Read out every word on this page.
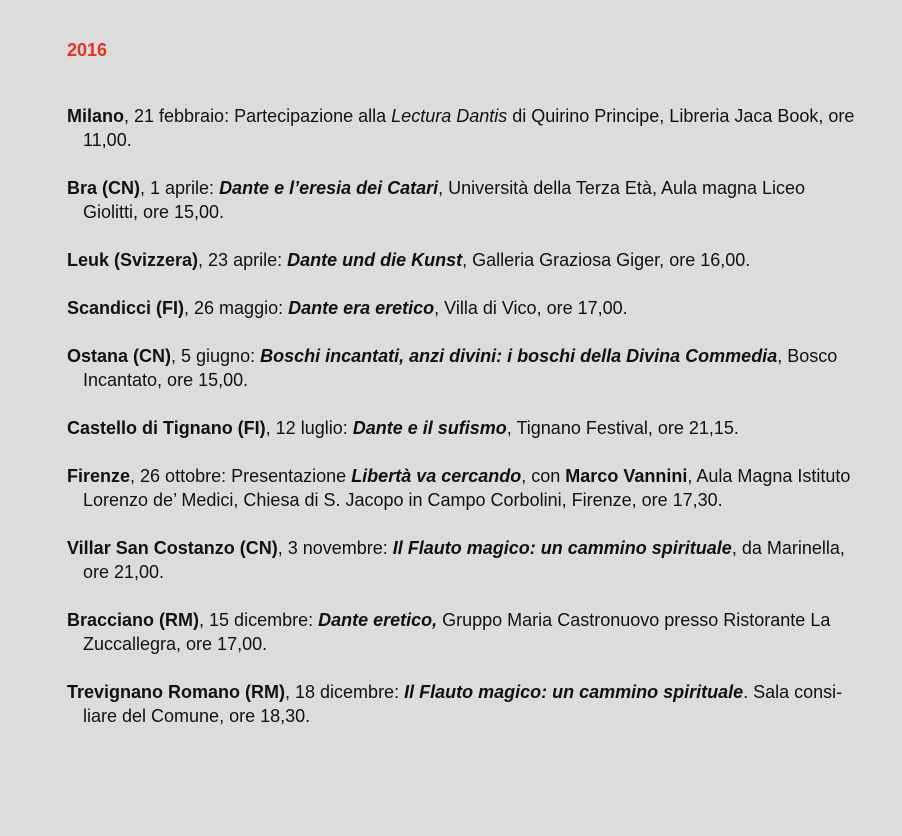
2016
Milano, 21 febbraio: Partecipazione alla Lectura Dantis di Quirino Principe, Libreria Jaca Book, ore 11,00.
Bra (CN), 1 aprile: Dante e l’eresia dei Catari, Università della Terza Età, Aula magna Liceo Giolitti, ore 15,00.
Leuk (Svizzera), 23 aprile: Dante und die Kunst, Galleria Graziosa Giger, ore 16,00.
Scandicci (FI), 26 maggio: Dante era eretico, Villa di Vico, ore 17,00.
Ostana (CN), 5 giugno: Boschi incantati, anzi divini: i boschi della Divina Commedia, Bosco Incantato, ore 15,00.
Castello di Tignano (FI), 12 luglio: Dante e il sufismo, Tignano Festival, ore 21,15.
Firenze, 26 ottobre: Presentazione Libertà va cercando, con Marco Vannini, Aula Magna Istituto Lorenzo de’ Medici, Chiesa di S. Jacopo in Campo Corbolini, Firenze, ore 17,30.
Villar San Costanzo (CN), 3 novembre: Il Flauto magico: un cammino spirituale, da Marinella, ore 21,00.
Bracciano (RM), 15 dicembre: Dante eretico, Gruppo Maria Castronuovo presso Ristorante La Zuccallegra, ore 17,00.
Trevignano Romano (RM), 18 dicembre: Il Flauto magico: un cammino spirituale. Sala consi-liare del Comune, ore 18,30.
